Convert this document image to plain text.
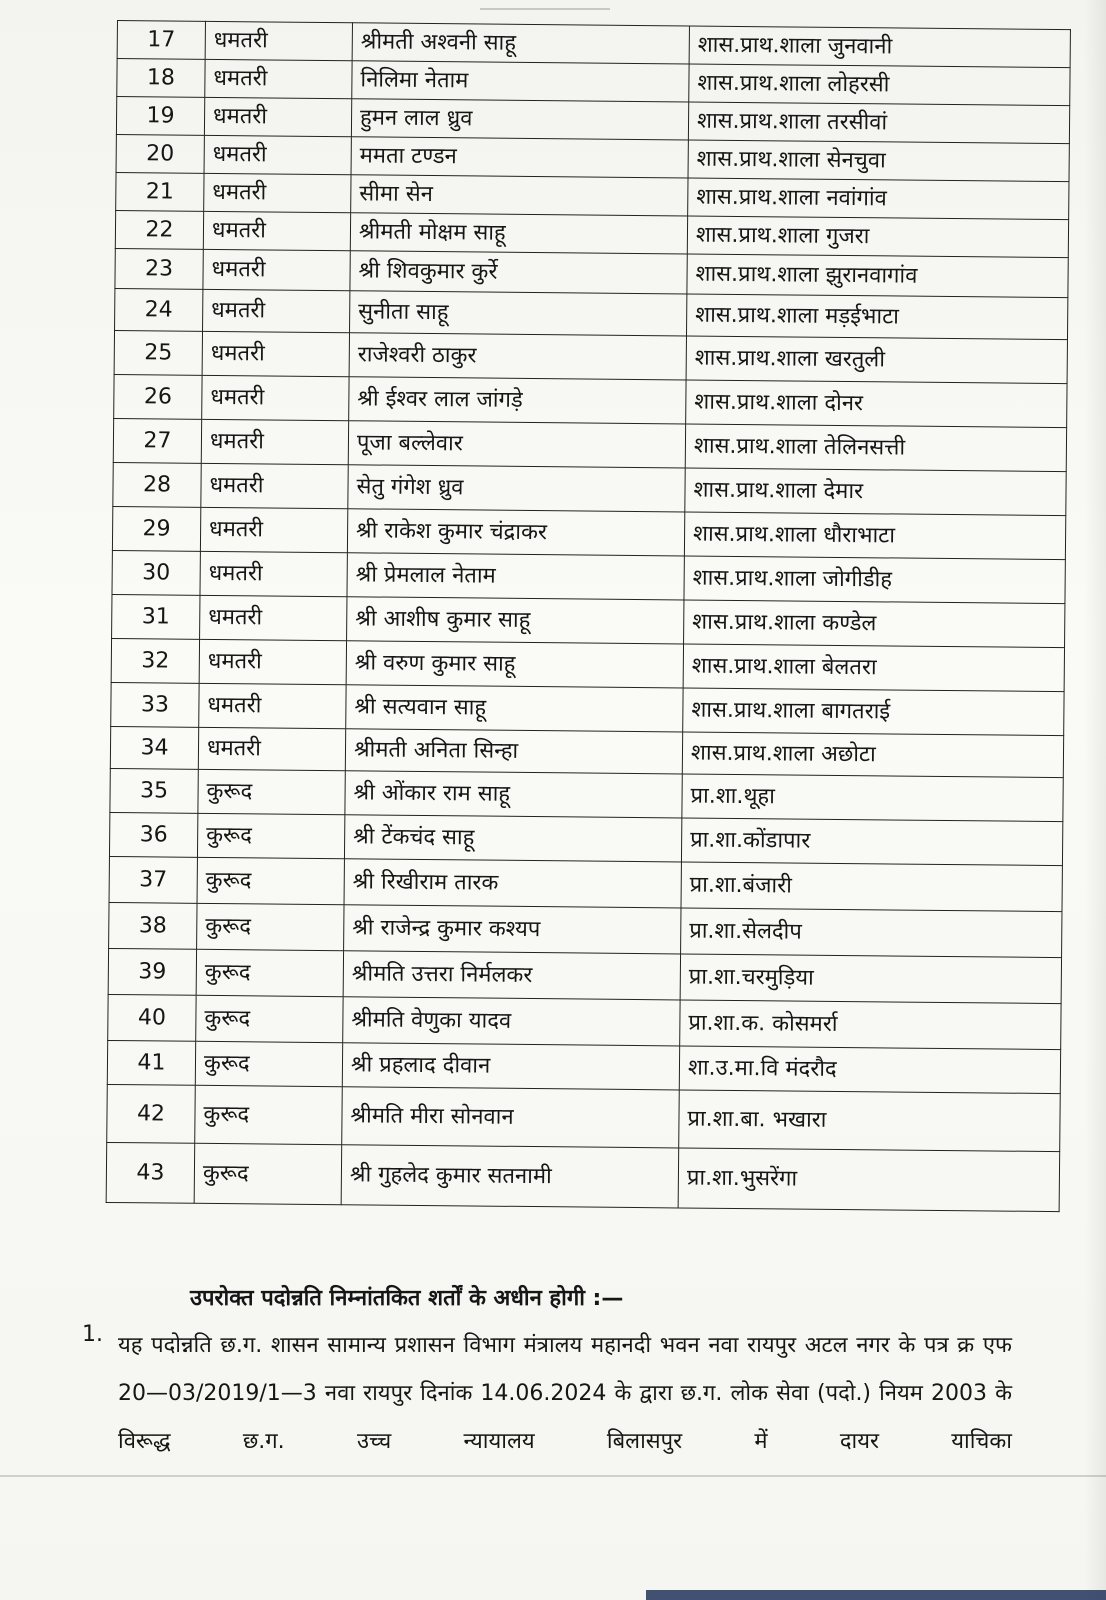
17	धमतरी	श्रीमती अश्वनी साहू	शास.प्राथ.शाला जुनवानी
18	धमतरी	निलिमा नेताम	शास.प्राथ.शाला लोहरसी
19	धमतरी	हुमन लाल ध्रुव	शास.प्राथ.शाला तरसीवां
20	धमतरी	ममता टण्डन	शास.प्राथ.शाला सेनचुवा
21	धमतरी	सीमा सेन	शास.प्राथ.शाला नवांगांव
22	धमतरी	श्रीमती मोक्षम साहू	शास.प्राथ.शाला गुजरा
23	धमतरी	श्री शिवकुमार कुर्रे	शास.प्राथ.शाला झुरानवागांव
24	धमतरी	सुनीता साहू	शास.प्राथ.शाला मड़ईभाटा
25	धमतरी	राजेश्वरी ठाकुर	शास.प्राथ.शाला खरतुली
26	धमतरी	श्री ईश्वर लाल जांगड़े	शास.प्राथ.शाला दोनर
27	धमतरी	पूजा बल्लेवार	शास.प्राथ.शाला तेलिनसत्ती
28	धमतरी	सेतु गंगेश ध्रुव	शास.प्राथ.शाला देमार
29	धमतरी	श्री राकेश कुमार चंद्राकर	शास.प्राथ.शाला धौराभाटा
30	धमतरी	श्री प्रेमलाल नेताम	शास.प्राथ.शाला जोगीडीह
31	धमतरी	श्री आशीष कुमार साहू	शास.प्राथ.शाला कण्डेल
32	धमतरी	श्री वरुण कुमार साहू	शास.प्राथ.शाला बेलतरा
33	धमतरी	श्री सत्यवान साहू	शास.प्राथ.शाला बागतराई
34	धमतरी	श्रीमती अनिता सिन्हा	शास.प्राथ.शाला अछोटा
35	कुरूद	श्री ओंकार राम साहू	प्रा.शा.थूहा
36	कुरूद	श्री टेंकचंद साहू	प्रा.शा.कोंडापार
37	कुरूद	श्री रिखीराम तारक	प्रा.शा.बंजारी
38	कुरूद	श्री राजेन्द्र कुमार कश्यप	प्रा.शा.सेलदीप
39	कुरूद	श्रीमति उत्तरा निर्मलकर	प्रा.शा.चरमुड़िया
40	कुरूद	श्रीमति वेणुका यादव	प्रा.शा.क. कोसमर्रा
41	कुरूद	श्री प्रहलाद दीवान	शा.उ.मा.वि मंदरौद
42	कुरूद	श्रीमति मीरा सोनवान	प्रा.शा.बा. भखारा
43	कुरूद	श्री गुहलेद कुमार सतनामी	प्रा.शा.भुसरेंगा
उपरोक्त पदोन्नति निम्नांतकित शर्तों के अधीन होगी :—
1. यह पदोन्नति छ.ग. शासन सामान्य प्रशासन विभाग मंत्रालय महानदी भवन नवा रायपुर अटल नगर के पत्र क्र एफ 20—03/2019/1—3 नवा रायपुर दिनांक 14.06.2024 के द्वारा छ.ग. लोक सेवा (पदो.) नियम 2003 के विरूद्ध छ.ग. उच्च न्यायालय बिलासपुर में दायर याचिका
